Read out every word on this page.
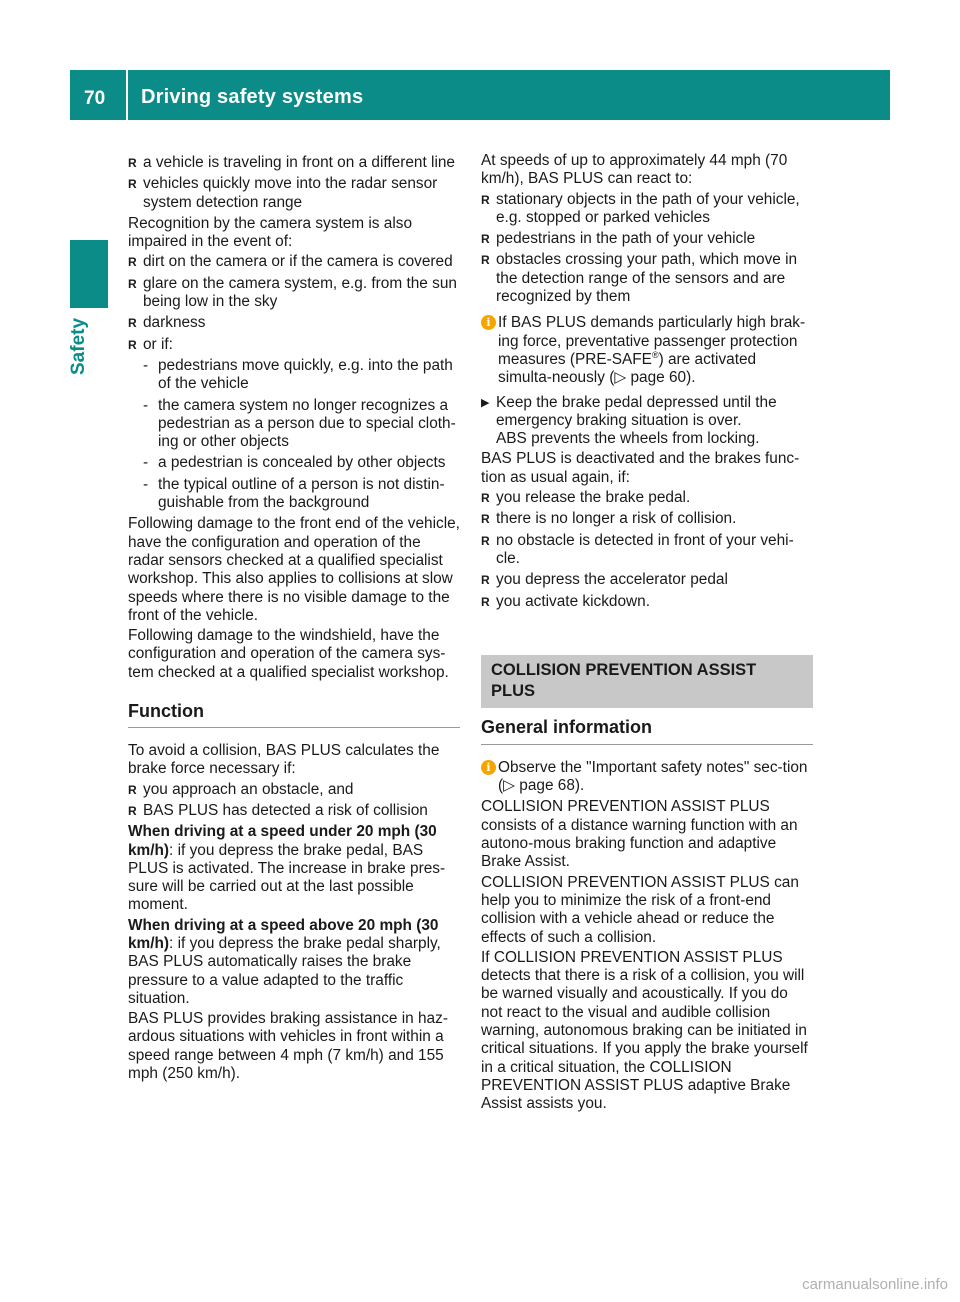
70 Driving safety systems
Safety
R a vehicle is traveling in front on a different line
R vehicles quickly move into the radar sensor system detection range

Recognition by the camera system is also impaired in the event of:

R dirt on the camera or if the camera is covered
R glare on the camera system, e.g. from the sun being low in the sky
R darkness
R or if:
- pedestrians move quickly, e.g. into the path of the vehicle
- the camera system no longer recognizes a pedestrian as a person due to special cloth-ing or other objects
- a pedestrian is concealed by other objects
- the typical outline of a person is not distin-guishable from the background

Following damage to the front end of the vehicle, have the configuration and operation of the radar sensors checked at a qualified specialist workshop. This also applies to collisions at slow speeds where there is no visible damage to the front of the vehicle.

Following damage to the windshield, have the configuration and operation of the camera sys-tem checked at a qualified specialist workshop.

Function

To avoid a collision, BAS PLUS calculates the brake force necessary if:

R you approach an obstacle, and
R BAS PLUS has detected a risk of collision

When driving at a speed under 20 mph (30 km/h): if you depress the brake pedal, BAS PLUS is activated. The increase in brake pres-sure will be carried out at the last possible moment.

When driving at a speed above 20 mph (30 km/h): if you depress the brake pedal sharply, BAS PLUS automatically raises the brake pressure to a value adapted to the traffic situation.

BAS PLUS provides braking assistance in haz-ardous situations with vehicles in front within a speed range between 4 mph (7 km/h) and 155 mph (250 km/h).

At speeds of up to approximately 44 mph (70 km/h), BAS PLUS can react to:

R stationary objects in the path of your vehicle, e.g. stopped or parked vehicles
R pedestrians in the path of your vehicle
R obstacles crossing your path, which move in the detection range of the sensors and are recognized by them
i If BAS PLUS demands particularly high brak-ing force, preventative passenger protection measures (PRE-SAFE®) are activated simulta-neously (▷ page 60).
▶ Keep the brake pedal depressed until the emergency braking situation is over.
ABS prevents the wheels from locking.

BAS PLUS is deactivated and the brakes func-tion as usual again, if:

R you release the brake pedal.
R there is no longer a risk of collision.
R no obstacle is detected in front of your vehi-cle.
R you depress the accelerator pedal
R you activate kickdown.
COLLISION PREVENTION ASSIST PLUS
General information
i Observe the "Important safety notes" sec-tion (▷ page 68).

COLLISION PREVENTION ASSIST PLUS consists of a distance warning function with an autono-mous braking function and adaptive Brake Assist.

COLLISION PREVENTION ASSIST PLUS can help you to minimize the risk of a front-end collision with a vehicle ahead or reduce the effects of such a collision.

If COLLISION PREVENTION ASSIST PLUS detects that there is a risk of a collision, you will be warned visually and acoustically. If you do not react to the visual and audible collision warning, autonomous braking can be initiated in critical situations. If you apply the brake yourself in a critical situation, the COLLISION PREVENTION ASSIST PLUS adaptive Brake Assist assists you.

carmanualsonline.info
